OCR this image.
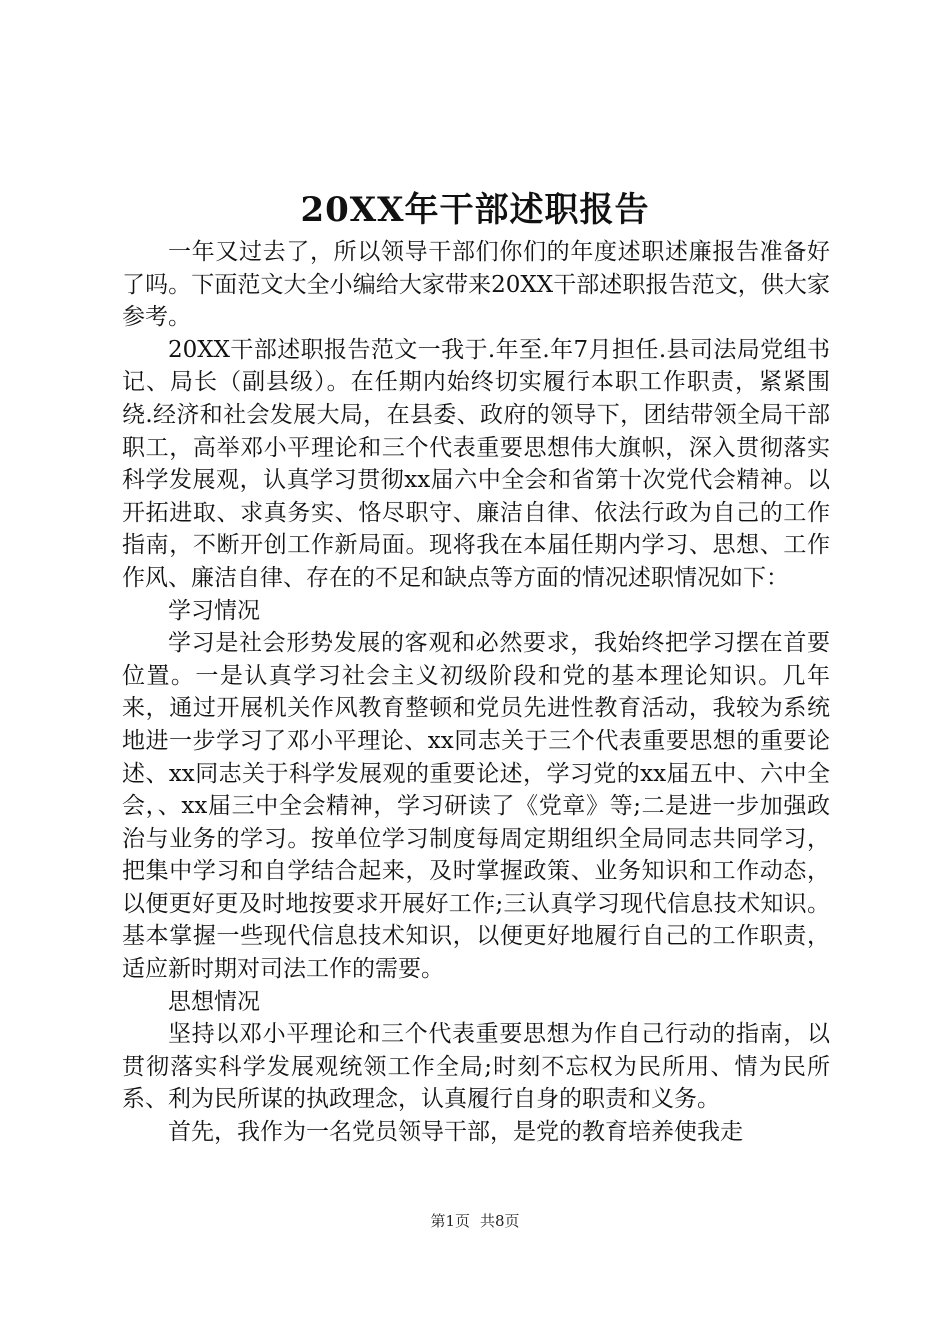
20XX年干部述职报告

一年又过去了，所以领导干部们你们的年度述职述廉报告准备好了吗。下面范文大全小编给大家带来20XX干部述职报告范文，供大家参考。

20XX干部述职报告范文一我于.年至.年7月担任.县司法局党组书记、局长（副县级）。在任期内始终切实履行本职工作职责，紧紧围绕.经济和社会发展大局，在县委、政府的领导下，团结带领全局干部职工，高举邓小平理论和三个代表重要思想伟大旗帜，深入贯彻落实科学发展观，认真学习贯彻xx届六中全会和省第十次党代会精神。以开拓进取、求真务实、恪尽职守、廉洁自律、依法行政为自己的工作指南，不断开创工作新局面。现将我在本届任期内学习、思想、工作作风、廉洁自律、存在的不足和缺点等方面的情况述职情况如下：

学习情况

学习是社会形势发展的客观和必然要求，我始终把学习摆在首要位置。一是认真学习社会主义初级阶段和党的基本理论知识。几年来，通过开展机关作风教育整顿和党员先进性教育活动，我较为系统地进一步学习了邓小平理论、xx同志关于三个代表重要思想的重要论述、xx同志关于科学发展观的重要论述，学习党的xx届五中、六中全会，、xx届三中全会精神，学习研读了《党章》等;二是进一步加强政治与业务的学习。按单位学习制度每周定期组织全局同志共同学习，把集中学习和自学结合起来，及时掌握政策、业务知识和工作动态，以便更好更及时地按要求开展好工作;三认真学习现代信息技术知识。基本掌握一些现代信息技术知识，以便更好地履行自己的工作职责，适应新时期对司法工作的需要。

思想情况

坚持以邓小平理论和三个代表重要思想为作自己行动的指南，以贯彻落实科学发展观统领工作全局;时刻不忘权为民所用、情为民所系、利为民所谋的执政理念，认真履行自身的职责和义务。

首先，我作为一名党员领导干部，是党的教育培养使我走

第1页 共8页
